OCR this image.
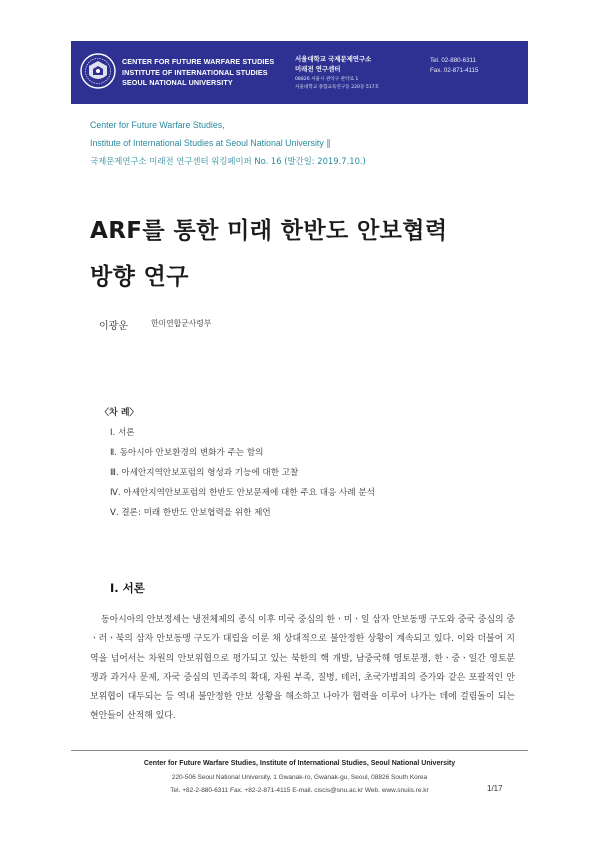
CENTER FOR FUTURE WARFARE STUDIES
INSTITUTE OF INTERNATIONAL STUDIES
SEOUL NATIONAL UNIVERSITY
서울대학교 국제문제연구소
미래전 연구센터
08826 서울시 관악구 관악로 1
서울대학교 종합교육연구동 220동 517호
Tel. 02-880-6311
Fax. 02-871-4115
Center for Future Warfare Studies,
Institute of International Studies at Seoul National University ∥
국제문제연구소 미래전 연구센터 워킹페이퍼 No. 16 (발간일: 2019.7.10.)
ARF를 통한 미래 한반도 안보협력
방향 연구
이광운	한미연합군사령부
〈차 례〉
Ⅰ. 서론
Ⅱ. 동아시아 안보환경의 변화가 주는 함의
Ⅲ. 아세안지역안보포럼의 형성과 기능에 대한 고찰
Ⅳ. 아세안지역안보포럼의 한반도 안보문제에 대한 주요 대응 사례 분석
Ⅴ. 결론: 미래 한반도 안보협력을 위한 제언
Ⅰ. 서론
동아시아의 안보정세는 냉전체제의 종식 이후 미국 중심의 한ㆍ미ㆍ일 삼자 안보동맹 구도와 중국 중심의 중ㆍ러ㆍ북의 삼자 안보동맹 구도가 대립을 이룬 채 상대적으로 불안정한 상황이 계속되고 있다. 이와 더불어 지역을 넘어서는 차원의 안보위협으로 평가되고 있는 북한의 핵 개발, 남중국해 영토분쟁, 한ㆍ중ㆍ일간 영토분쟁과 과거사 문제, 자국 중심의 민족주의 확대, 자원 부족, 질병, 테러, 초국가범죄의 증가와 같은 포괄적인 안보위협이 대두되는 등 역내 불안정한 안보 상황을 해소하고 나아가 협력을 이루어 나가는 데에 걸림돌이 되는 현안들이 산적해 있다.
Center for Future Warfare Studies, Institute of International Studies, Seoul National University
220-506 Seoul National University, 1 Gwanak-ro, Gwanak-gu, Seoul, 08826 South Korea
Tel. +82-2-880-6311 Fax. +82-2-871-4115 E-mail. ciscis@snu.ac.kr Web. www.snuiis.re.kr	1/17
